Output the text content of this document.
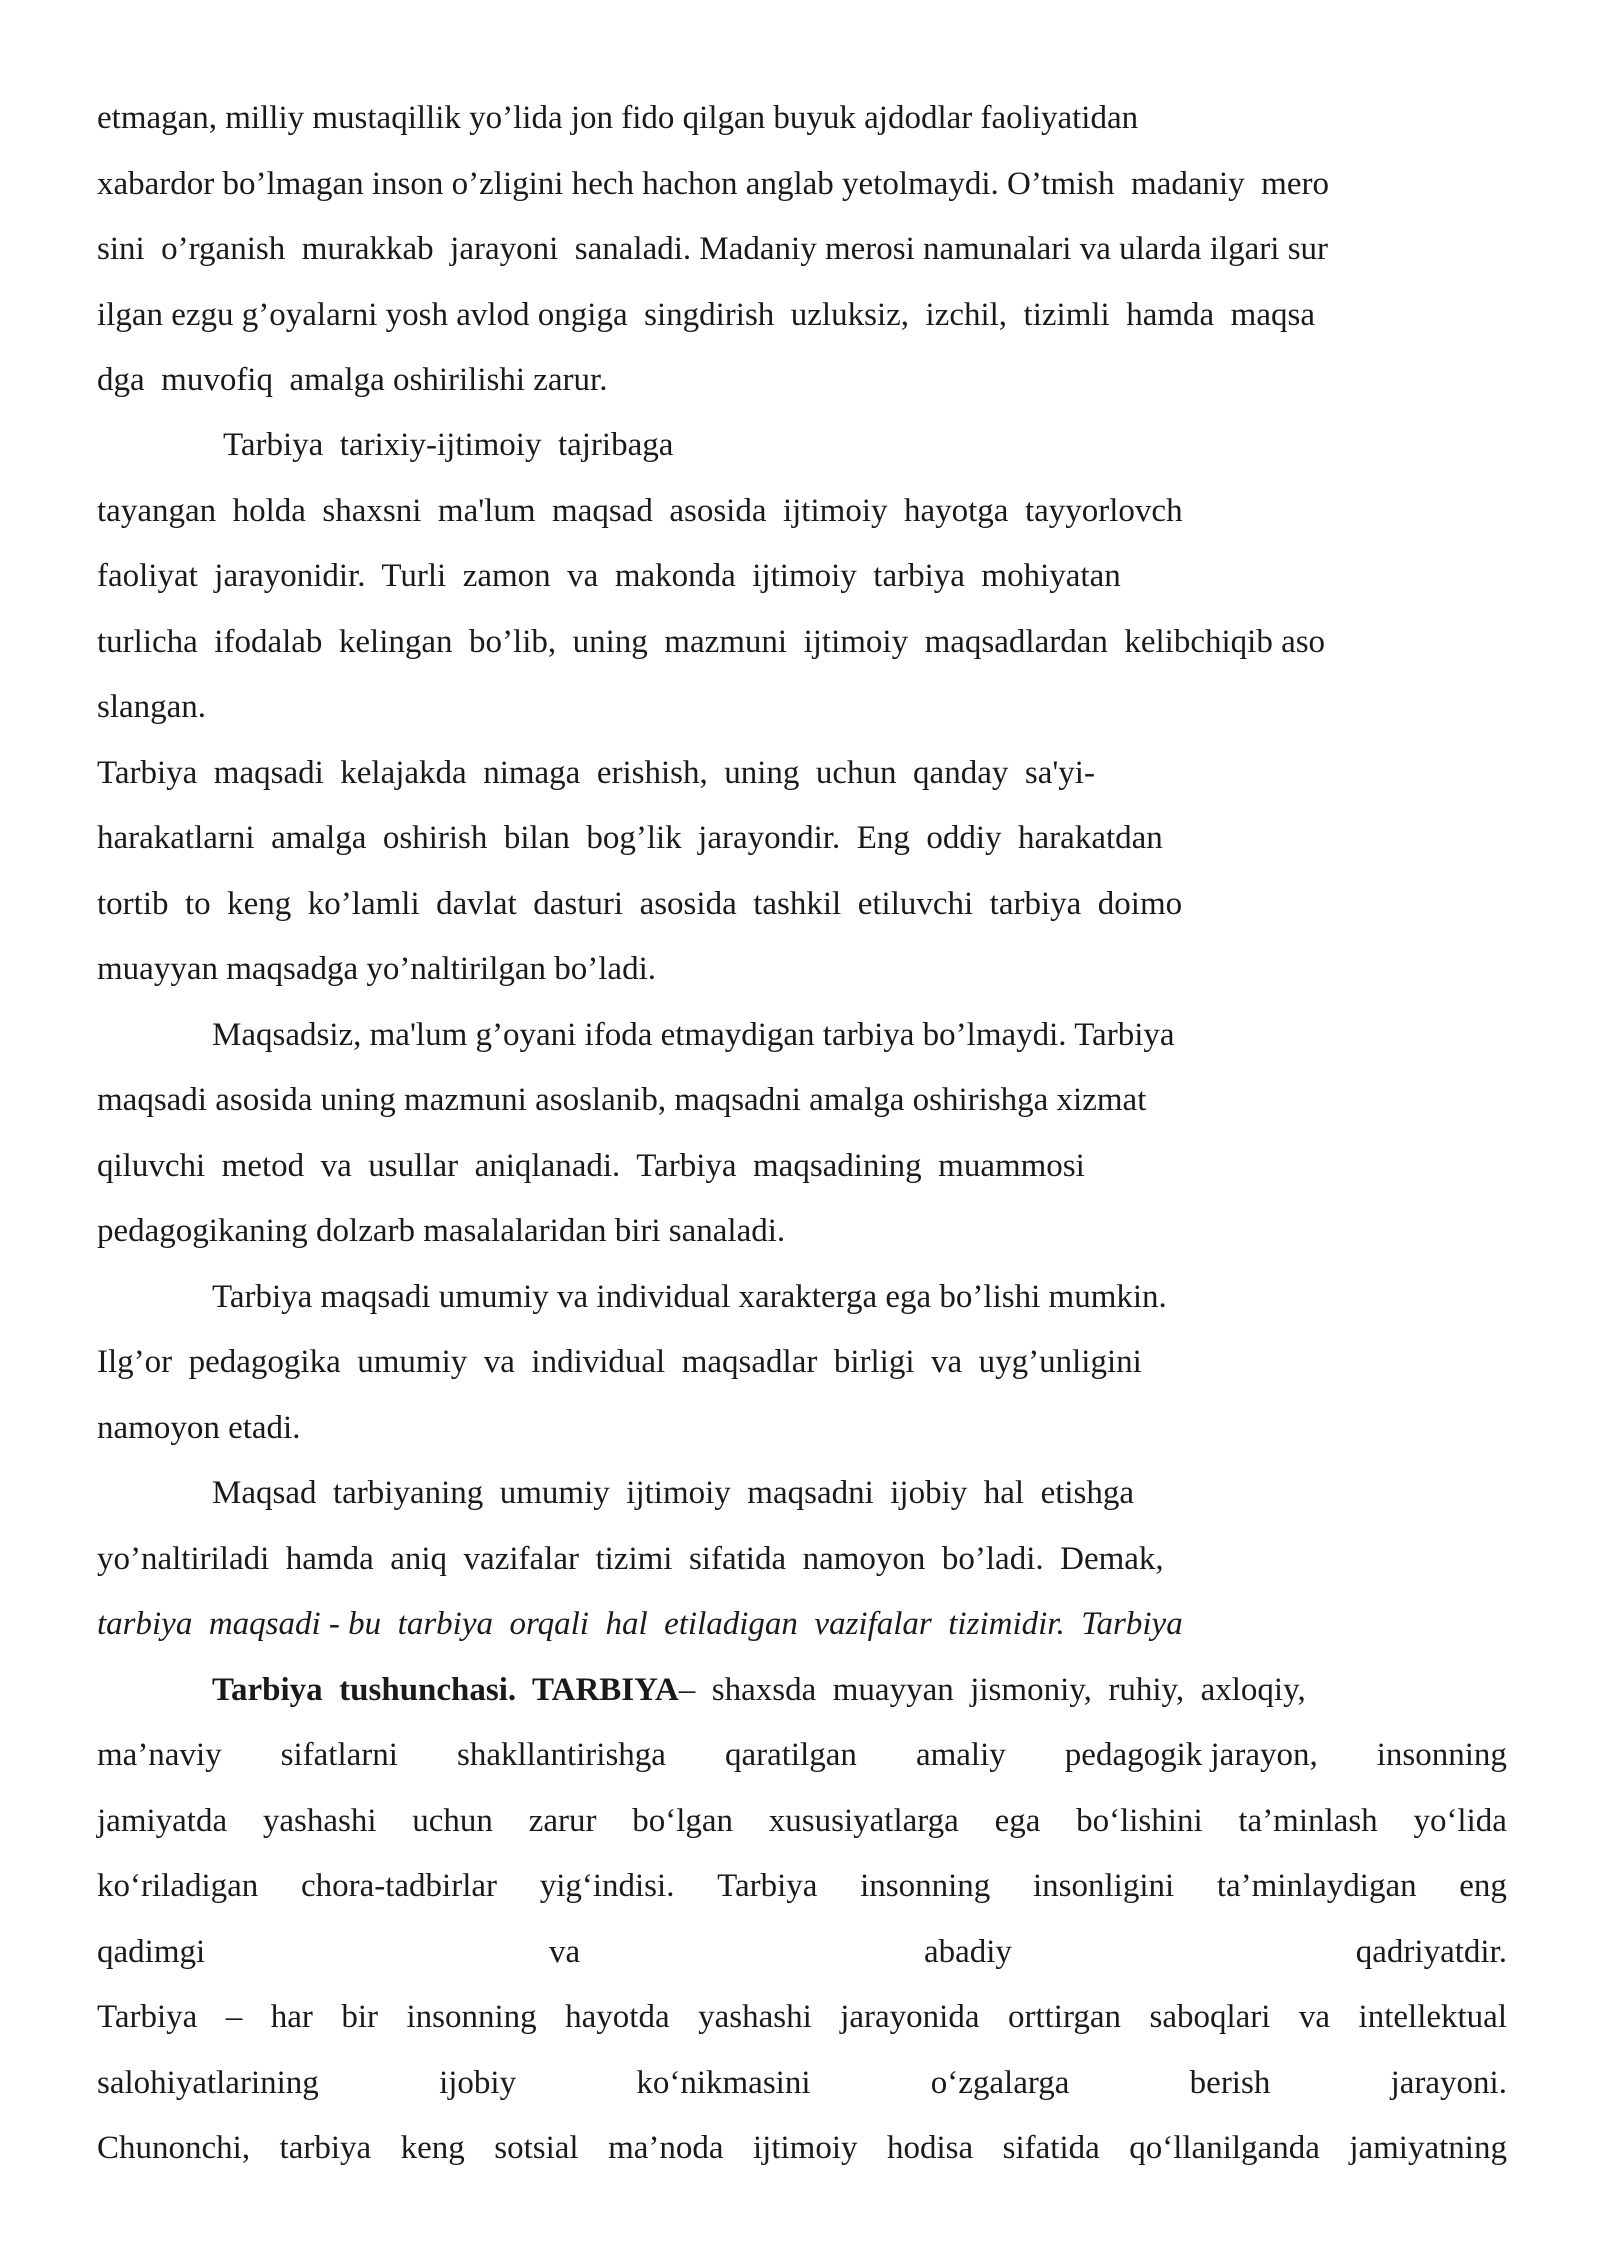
etmagan, milliy mustaqillik yo’lida jon fido qilgan buyuk ajdodlar faoliyatidan
xabardor bo’lmagan inson o’zligini hech hachon anglab yetolmaydi. O’tmish  madaniy  mero
sini  o’rganish  murakkab  jarayoni  sanaladi. Madaniy merosi namunalari va ularda ilgari sur
ilgan ezgu g’oyalarni yosh avlod ongiga  singdirish  uzluksiz,  izchil,  tizimli  hamda  maqsa
dga  muvofiq  amalga oshirilishi zarur.
Tarbiya  tarixiy-ijtimoiy  tajribaga
tayangan  holda  shaxsni  ma'lum  maqsad  asosida  ijtimoiy  hayotga  tayyorlovch
faoliyat  jarayonidir.  Turli  zamon  va  makonda  ijtimoiy  tarbiya  mohiyatan
turlicha  ifodalab  kelingan  bo’lib,  uning  mazmuni  ijtimoiy  maqsadlardan  kelibchiqib aso
slangan.
Tarbiya  maqsadi  kelajakda  nimaga  erishish,  uning  uchun  qanday  sa'yi-
harakatlarni  amalga  oshirish  bilan  bog’lik  jarayondir.  Eng  oddiy  harakatdan
tortib  to  keng  ko’lamli  davlat  dasturi  asosida  tashkil  etiluvchi  tarbiya  doimo
muayyan maqsadga yo’naltirilgan bo’ladi.
Maqsadsiz, ma'lum g’oyani ifoda etmaydigan tarbiya bo’lmaydi. Tarbiya
maqsadi asosida uning mazmuni asoslanib, maqsadni amalga oshirishga xizmat
qiluvchi  metod  va  usullar  aniqlanadi.  Tarbiya  maqsadining  muammosi
pedagogikaning dolzarb masalalaridan biri sanaladi.
Tarbiya maqsadi umumiy va individual xarakterga ega bo’lishi mumkin.
Ilg’or  pedagogika  umumiy  va  individual  maqsadlar  birligi  va  uyg’unligini
namoyon etadi.
Maqsad  tarbiyaning  umumiy  ijtimoiy  maqsadni  ijobiy  hal  etishga
yo’naltiriladi  hamda  aniq  vazifalar  tizimi  sifatida  namoyon  bo’ladi.  Demak,
tarbiya  maqsadi - bu  tarbiya  orqali  hal  etiladigan  vazifalar  tizimidir.  Tarbiya
Tarbiya  tushunchasi.  TARBIYA–  shaxsda  muayyan  jismoniy,  ruhiy,  axloqiy,
ma’naviy sifatlarni shakllantirishga qaratilgan amaliy pedagogik jarayon, insonning
jamiyatda yashashi uchun zarur bo‘lgan xususiyatlarga ega bo‘lishini ta’minlash yo‘lida
ko‘riladigan chora-tadbirlar yig‘indisi. Tarbiya insonning insonligini ta’minlaydigan eng
qadimgi	va	abadiy	qadriyatdir.
Tarbiya – har bir insonning hayotda yashashi jarayonida orttirgan saboqlari va intellektual
salohiyatlarining	ijobiy	ko‘nikmasini	o‘zgalarga	berish	jarayoni.
Chunonchi, tarbiya keng sotsial ma’noda ijtimoiy hodisa sifatida qo‘llanilganda jamiyatning
